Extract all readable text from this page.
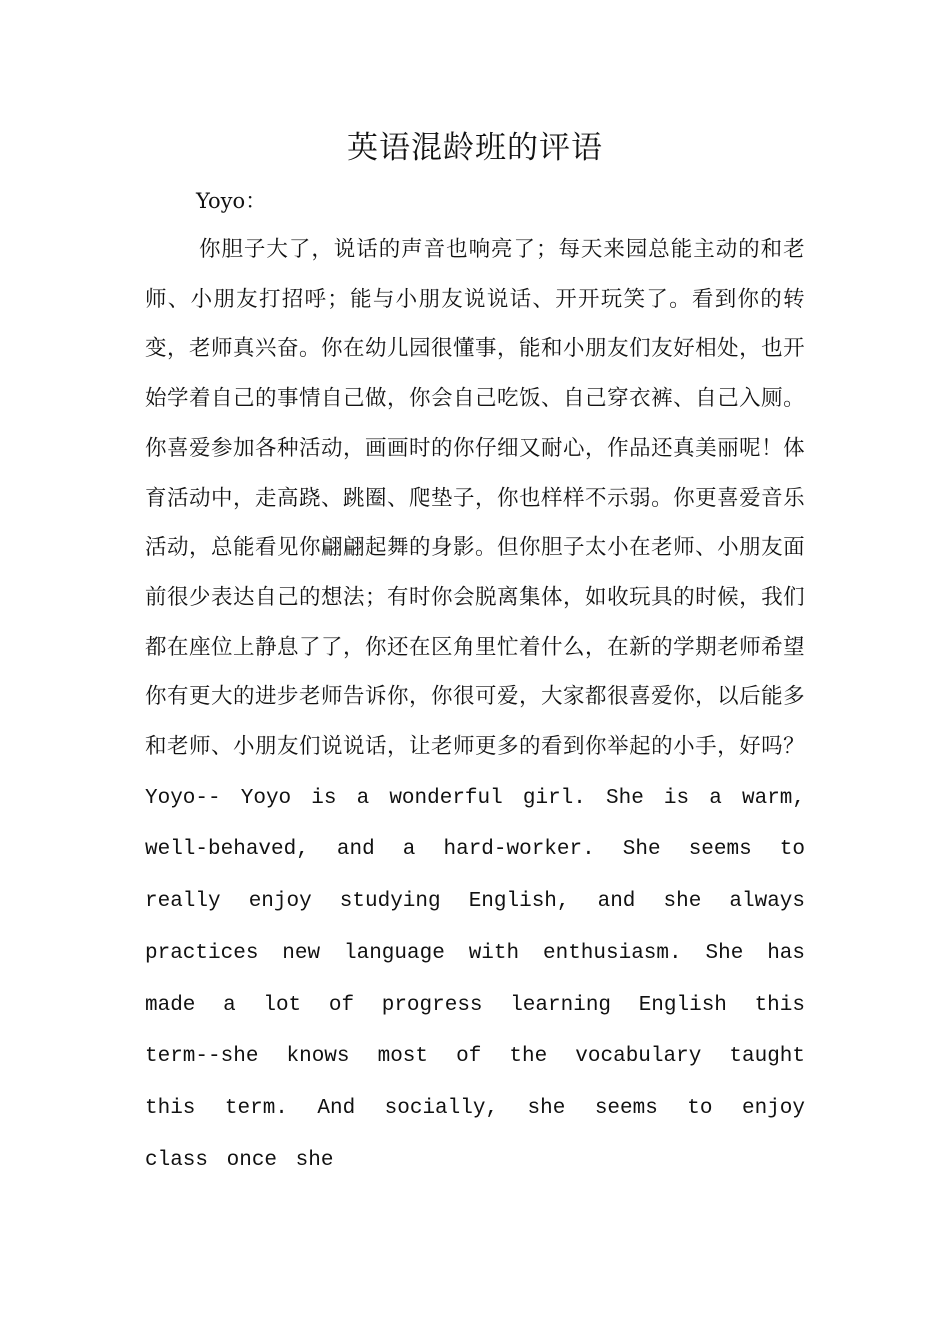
英语混龄班的评语

Yoyo：

你胆子大了，说话的声音也响亮了；每天来园总能主动的和老师、小朋友打招呼；能与小朋友说说话、开开玩笑了。看到你的转变，老师真兴奋。你在幼儿园很懂事，能和小朋友们友好相处，也开始学着自己的事情自己做，你会自己吃饭、自己穿衣裤、自己入厕。你喜爱参加各种活动，画画时的你仔细又耐心，作品还真美丽呢！体育活动中，走高跷、跳圈、爬垫子，你也样样不示弱。你更喜爱音乐活动，总能看见你翩翩起舞的身影。但你胆子太小在老师、小朋友面前很少表达自己的想法；有时你会脱离集体，如收玩具的时候，我们都在座位上静息了了，你还在区角里忙着什么，在新的学期老师希望你有更大的进步老师告诉你，你很可爱，大家都很喜爱你，以后能多和老师、小朋友们说说话，让老师更多的看到你举起的小手，好吗？ Yoyo-- Yoyo is a wonderful girl. She is a warm, well-behaved, and a hard-worker. She seems to really enjoy studying English, and she always practices new language with enthusiasm. She has made a lot of progress learning English this term--she knows most of the vocabulary taught this term. And socially, she seems to enjoy class once she
